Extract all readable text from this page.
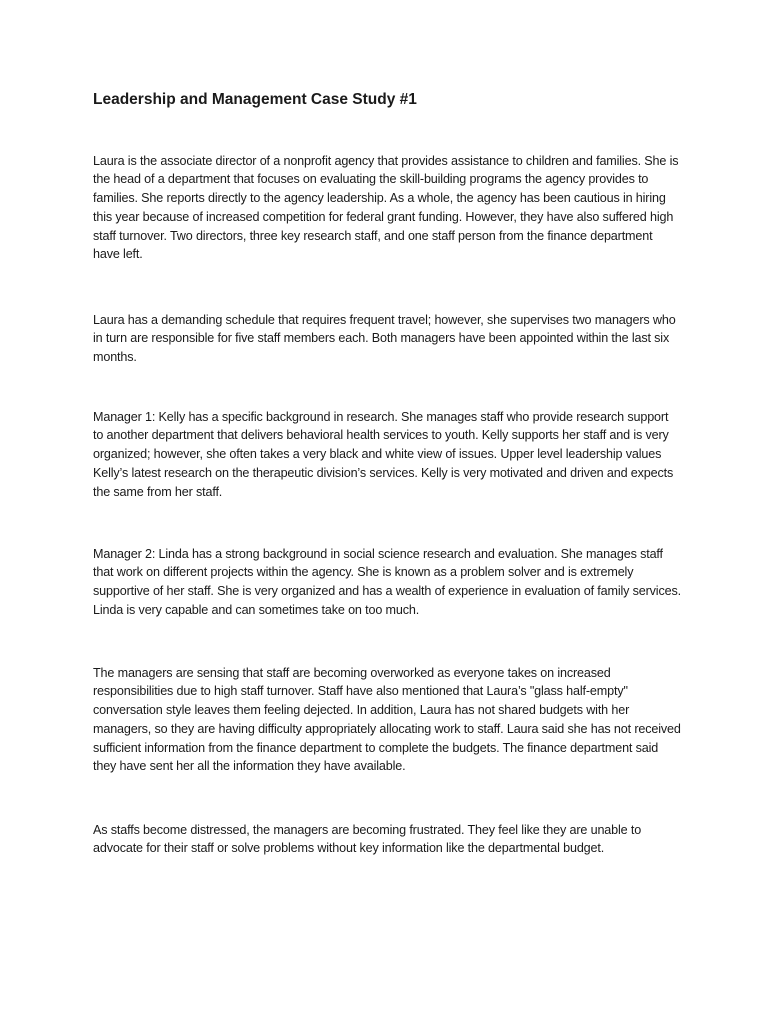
Leadership and Management Case Study #1

Laura is the associate director of a nonprofit agency that provides assistance to children and families. She is the head of a department that focuses on evaluating the skill-building programs the agency provides to families. She reports directly to the agency leadership. As a whole, the agency has been cautious in hiring this year because of increased competition for federal grant funding. However, they have also suffered high staff turnover. Two directors, three key research staff, and one staff person from the finance department have left.

Laura has a demanding schedule that requires frequent travel; however, she supervises two managers who in turn are responsible for five staff members each. Both managers have been appointed within the last six months.

Manager 1: Kelly has a specific background in research. She manages staff who provide research support to another department that delivers behavioral health services to youth. Kelly supports her staff and is very organized; however, she often takes a very black and white view of issues. Upper level leadership values Kelly’s latest research on the therapeutic division’s services. Kelly is very motivated and driven and expects the same from her staff.

Manager 2: Linda has a strong background in social science research and evaluation. She manages staff that work on different projects within the agency. She is known as a problem solver and is extremely supportive of her staff. She is very organized and has a wealth of experience in evaluation of family services. Linda is very capable and can sometimes take on too much.

The managers are sensing that staff are becoming overworked as everyone takes on increased responsibilities due to high staff turnover. Staff have also mentioned that Laura’s "glass half-empty" conversation style leaves them feeling dejected. In addition, Laura has not shared budgets with her managers, so they are having difficulty appropriately allocating work to staff. Laura said she has not received sufficient information from the finance department to complete the budgets. The finance department said they have sent her all the information they have available.

As staffs become distressed, the managers are becoming frustrated. They feel like they are unable to advocate for their staff or solve problems without key information like the departmental budget.
